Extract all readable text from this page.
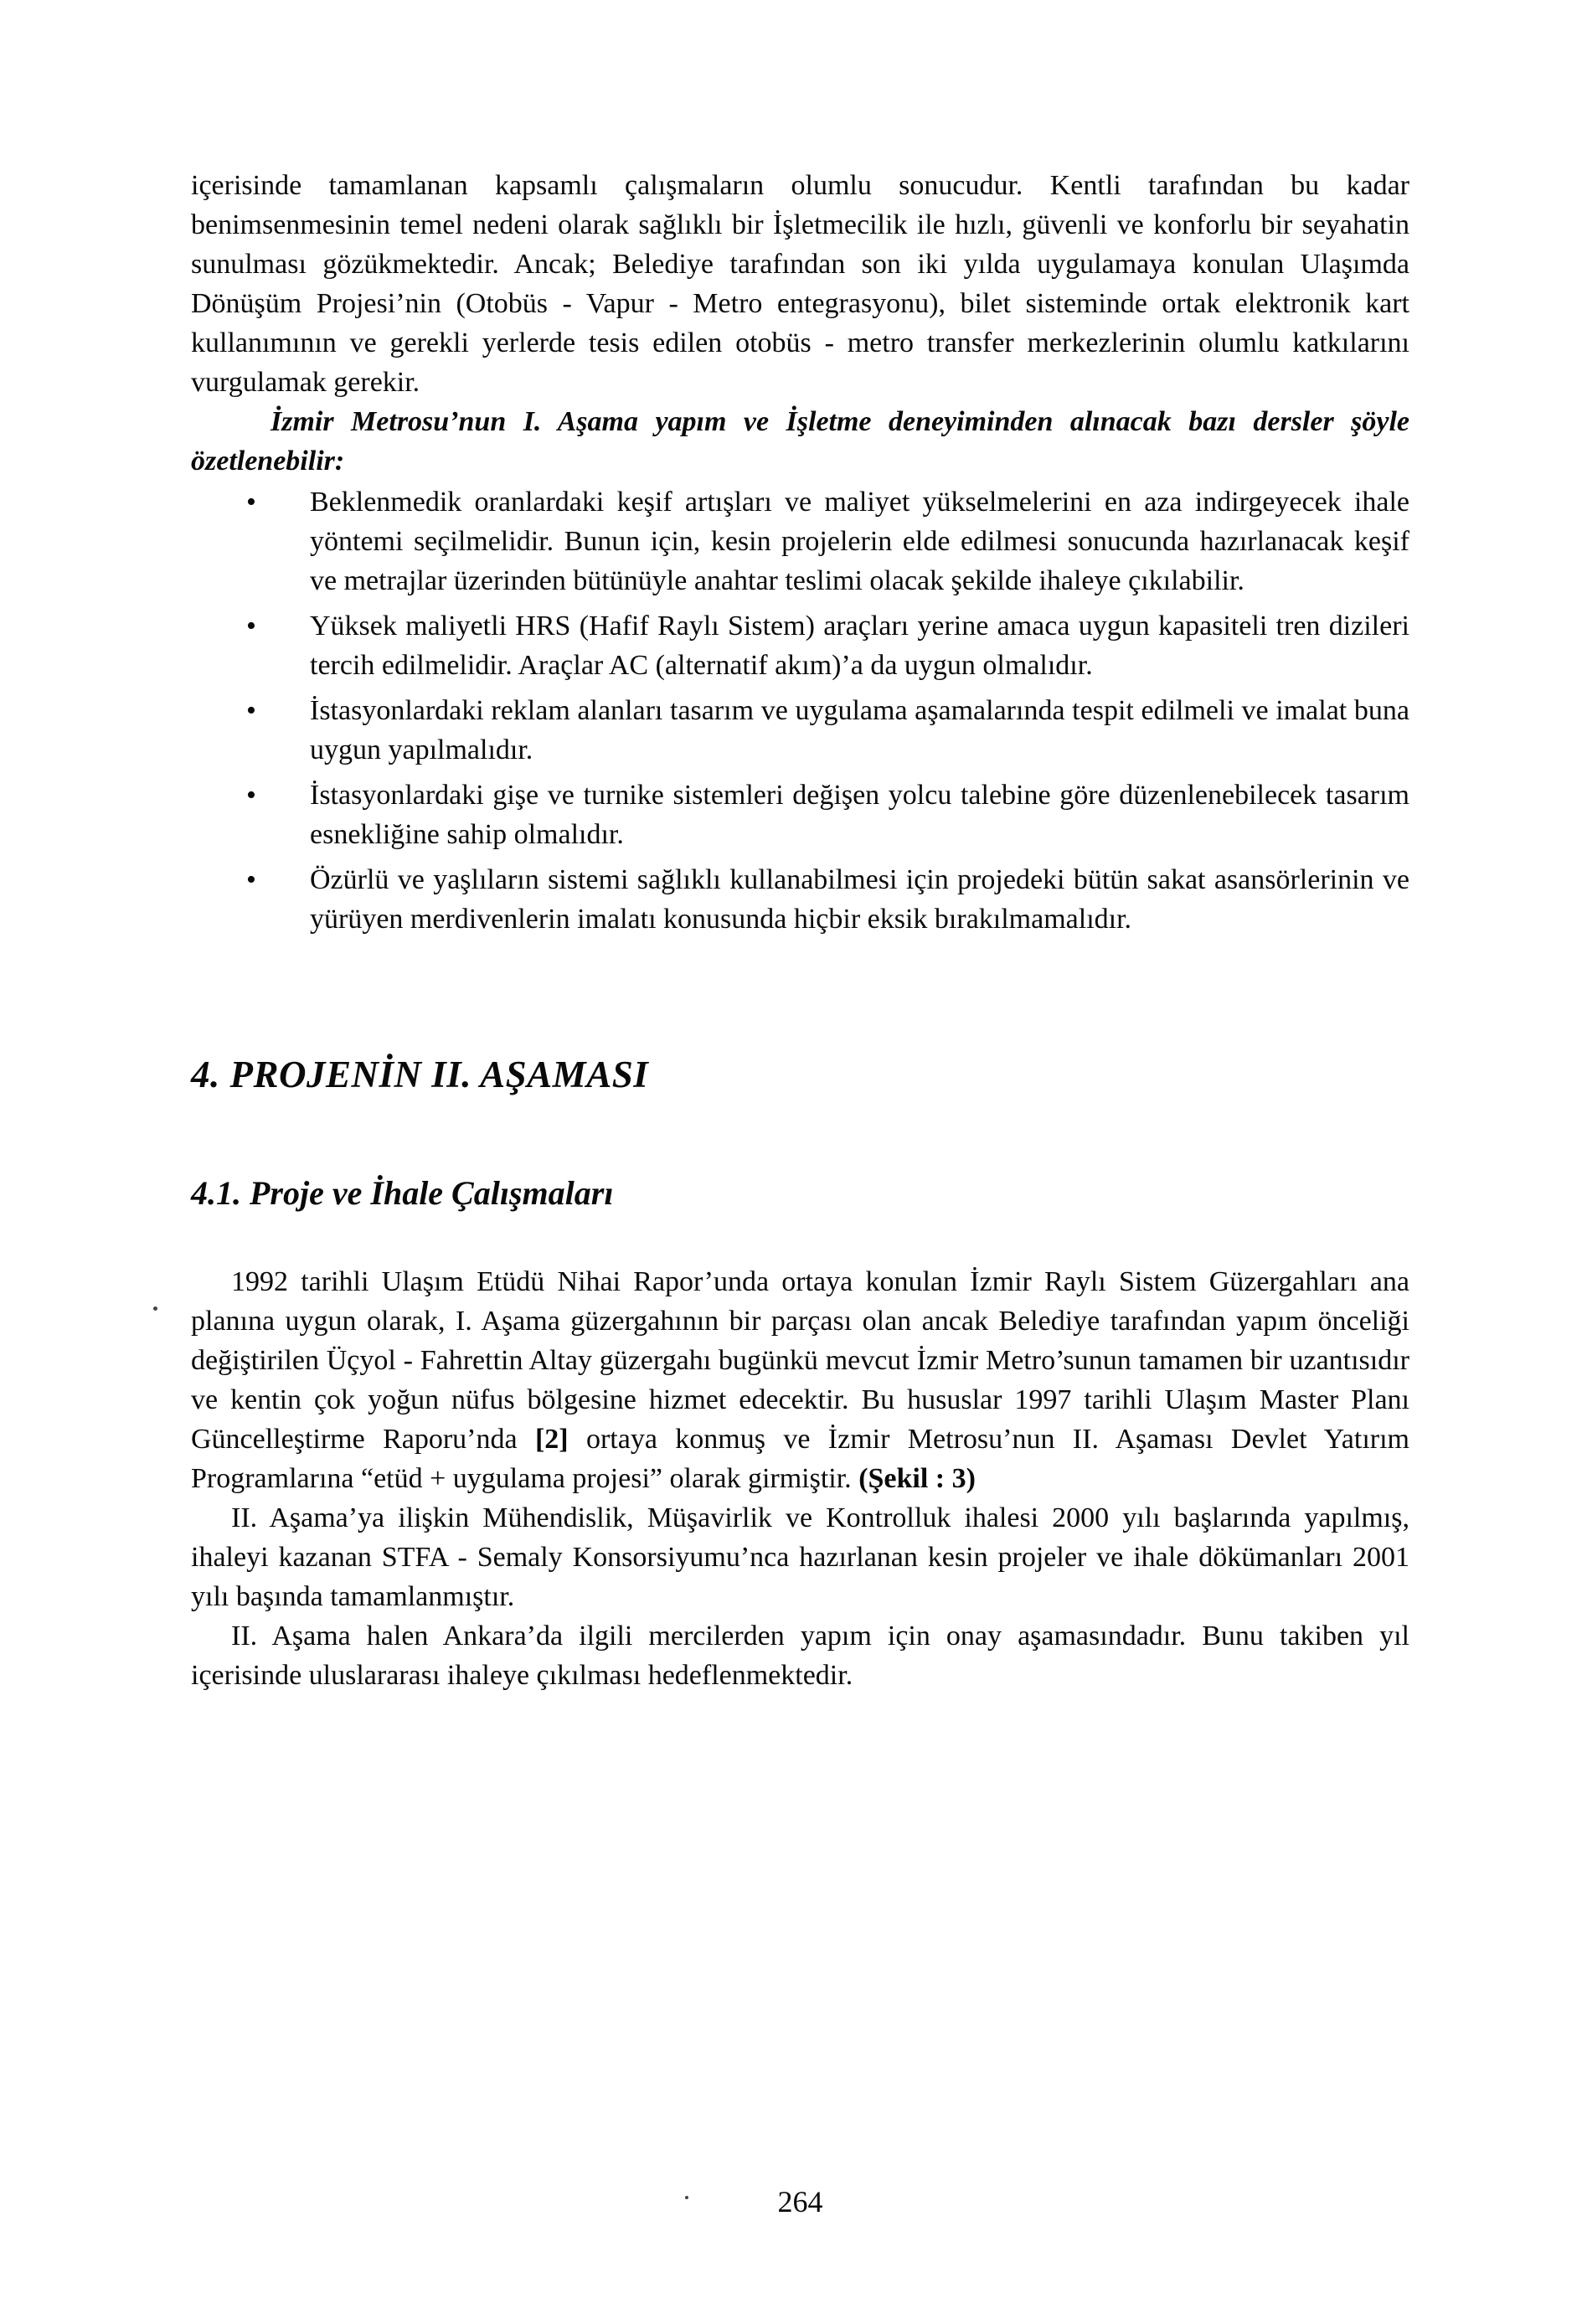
içerisinde tamamlanan kapsamlı çalışmaların olumlu sonucudur. Kentli tarafından bu kadar benimsenmesinin temel nedeni olarak sağlıklı bir İşletmecilik ile hızlı, güvenli ve konforlu bir seyahatin sunulması gözükmektedir. Ancak; Belediye tarafından son iki yılda uygulamaya konulan Ulaşımda Dönüşüm Projesi’nin (Otobüs - Vapur - Metro entegrasyonu), bilet sisteminde ortak elektronik kart kullanımının ve gerekli yerlerde tesis edilen otobüs - metro transfer merkezlerinin olumlu katkılarını vurgulamak gerekir.

İzmir Metrosu’nun I. Aşama yapım ve İşletme deneyiminden alınacak bazı dersler şöyle özetlenebilir:

• Beklenmedik oranlardaki keşif artışları ve maliyet yükselmelerini en aza indirgeyecek ihale yöntemi seçilmelidir. Bunun için, kesin projelerin elde edilmesi sonucunda hazırlanacak keşif ve metrajlar üzerinden bütünüyle anahtar teslimi olacak şekilde ihaleye çıkılabilir.
• Yüksek maliyetli HRS (Hafif Raylı Sistem) araçları yerine amaca uygun kapasiteli tren dizileri tercih edilmelidir. Araçlar AC (alternatif akım)’a da uygun olmalıdır.
• İstasyonlardaki reklam alanları tasarım ve uygulama aşamalarında tespit edilmeli ve imalat buna uygun yapılmalıdır.
• İstasyonlardaki gişe ve turnike sistemleri değişen yolcu talebine göre düzenlenebilecek tasarım esnekliğine sahip olmalıdır.
• Özürlü ve yaşlıların sistemi sağlıklı kullanabilmesi için projedeki bütün sakat asansörlerinin ve yürüyen merdivenlerin imalatı konusunda hiçbir eksik bırakılmamalıdır.
4. PROJENİN II. AŞAMASI
4.1. Proje ve İhale Çalışmaları

1992 tarihli Ulaşım Etüdü Nihai Rapor’unda ortaya konulan İzmir Raylı Sistem Güzergahları ana planına uygun olarak, I. Aşama güzergahının bir parçası olan ancak Belediye tarafından yapım önceliği değiştirilen Üçyol - Fahrettin Altay güzergahı bugünkü mevcut İzmir Metro’sunun tamamen bir uzantısıdır ve kentin çok yoğun nüfus bölgesine hizmet edecektir. Bu hususlar 1997 tarihli Ulaşım Master Planı Güncelleştirme Raporu’nda [2] ortaya konmuş ve İzmir Metrosu’nun II. Aşaması Devlet Yatırım Programlarına “etüd + uygulama projesi” olarak girmiştir. (Şekil : 3)

II. Aşama’ya ilişkin Mühendislik, Müşavirlik ve Kontrolluk ihalesi 2000 yılı başlarında yapılmış, ihaleyi kazanan STFA - Semaly Konsorsiyumu’nca hazırlanan kesin projeler ve ihale dökümanları 2001 yılı başında tamamlanmıştır.

II. Aşama halen Ankara’da ilgili mercilerden yapım için onay aşamasındadır. Bunu takiben yıl içerisinde uluslararası ihaleye çıkılması hedeflenmektedir.

264
